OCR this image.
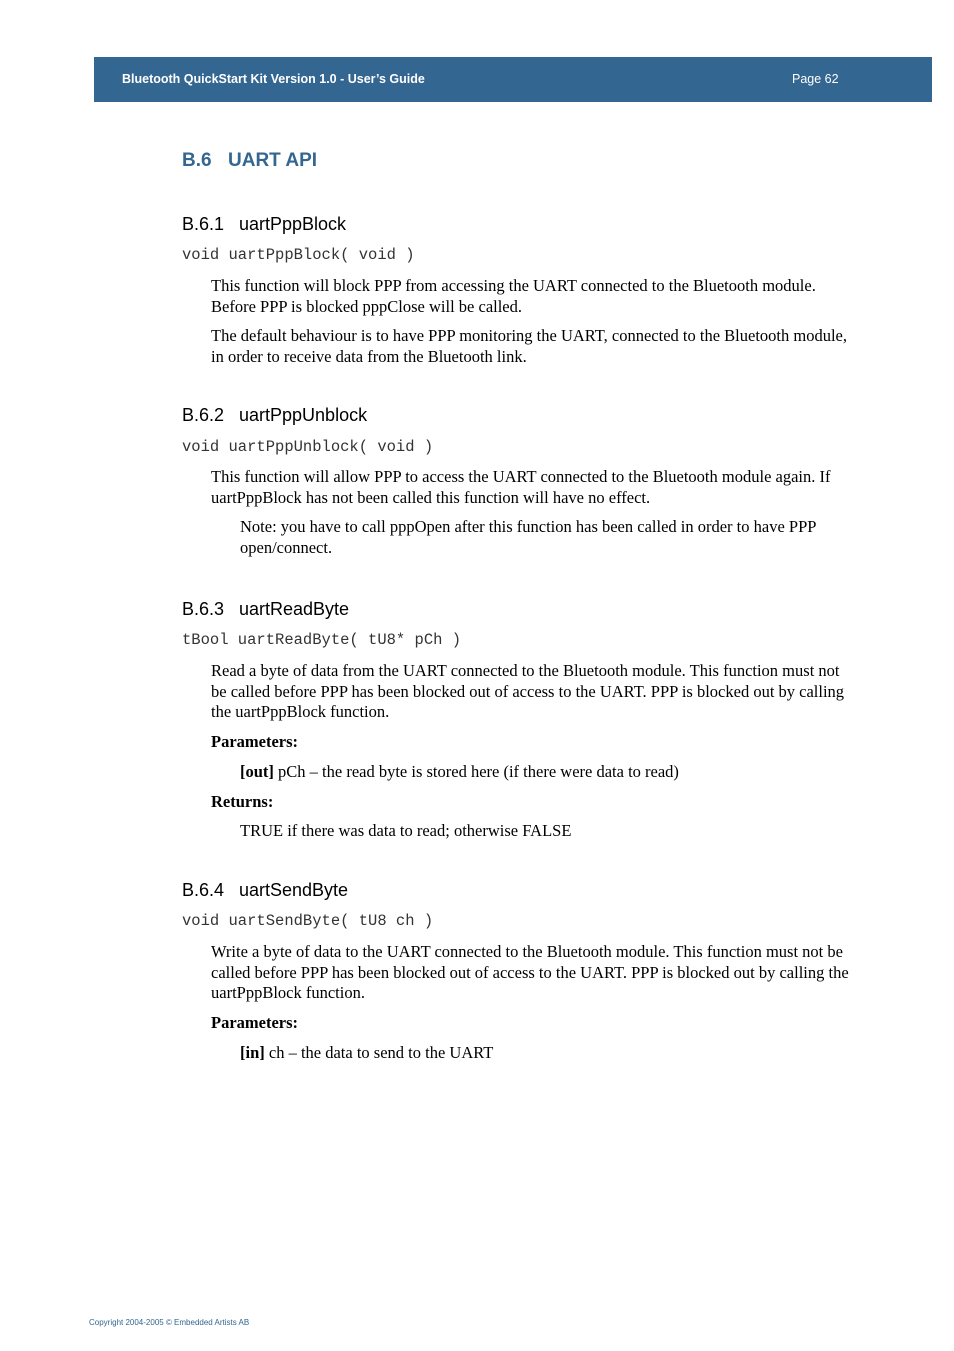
Bluetooth QuickStart Kit Version 1.0 - User’s Guide	Page 62
B.6 UART API
B.6.1 uartPppBlock
void uartPppBlock( void )
This function will block PPP from accessing the UART connected to the Bluetooth module. Before PPP is blocked pppClose will be called.
The default behaviour is to have PPP monitoring the UART, connected to the Bluetooth module, in order to receive data from the Bluetooth link.
B.6.2 uartPppUnblock
void uartPppUnblock( void )
This function will allow PPP to access the UART connected to the Bluetooth module again. If uartPppBlock has not been called this function will have no effect.
Note: you have to call pppOpen after this function has been called in order to have PPP open/connect.
B.6.3 uartReadByte
tBool uartReadByte( tU8* pCh )
Read a byte of data from the UART connected to the Bluetooth module. This function must not be called before PPP has been blocked out of access to the UART. PPP is blocked out by calling the uartPppBlock function.
Parameters:
[out] pCh – the read byte is stored here (if there were data to read)
Returns:
TRUE if there was data to read; otherwise FALSE
B.6.4 uartSendByte
void uartSendByte( tU8 ch )
Write a byte of data to the UART connected to the Bluetooth module. This function must not be called before PPP has been blocked out of access to the UART. PPP is blocked out by calling the uartPppBlock function.
Parameters:
[in] ch – the data to send to the UART
Copyright 2004-2005 © Embedded Artists AB
